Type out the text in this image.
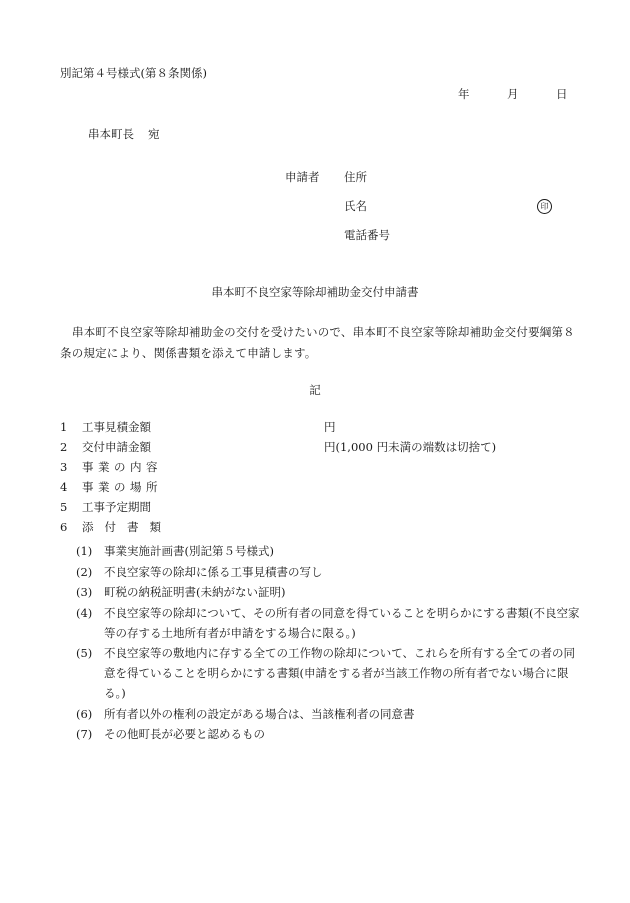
別記第４号様式(第８条関係)
年	月	日
串本町長 宛
申請者 住所
氏名	印
電話番号
串本町不良空家等除却補助金交付申請書
串本町不良空家等除却補助金の交付を受けたいので、串本町不良空家等除却補助金交付要綱第８条の規定により、関係書類を添えて申請します。
記
1 工事見積金額	円
2 交付申請金額	円(1,000 円未満の端数は切捨て)
3 事業の内容
4 事業の場所
5 工事予定期間
6 添付書類
(1) 事業実施計画書(別記第５号様式)
(2) 不良空家等の除却に係る工事見積書の写し
(3) 町税の納税証明書(未納がない証明)
(4) 不良空家等の除却について、その所有者の同意を得ていることを明らかにする書類(不良空家等の存する土地所有者が申請をする場合に限る。)
(5) 不良空家等の敷地内に存する全ての工作物の除却について、これらを所有する全ての者の同意を得ていることを明らかにする書類(申請をする者が当該工作物の所有者でない場合に限る。)
(6) 所有者以外の権利の設定がある場合は、当該権利者の同意書
(7) その他町長が必要と認めるもの
